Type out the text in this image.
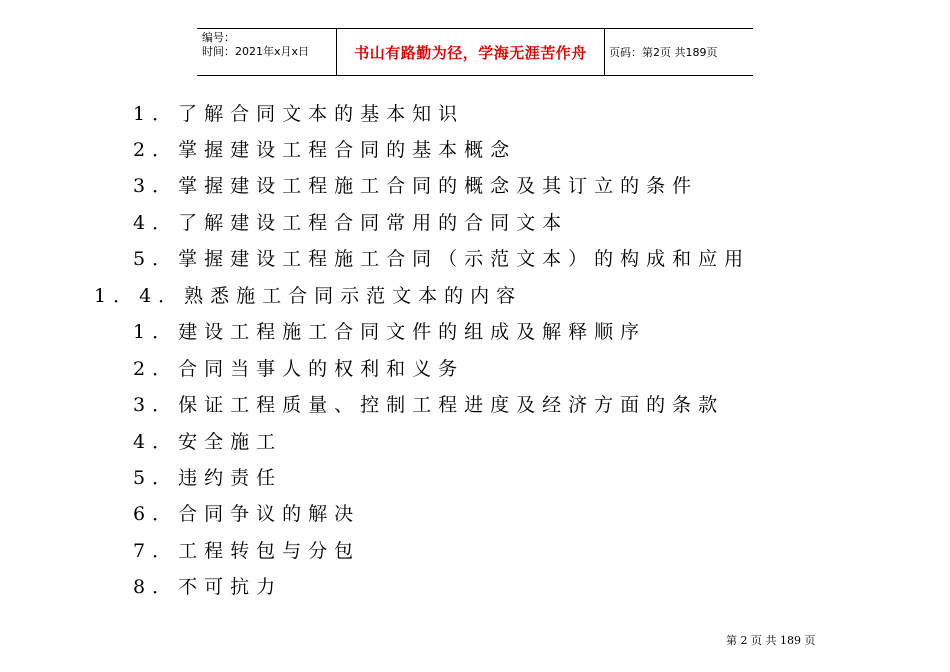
编号：
时间：2021年x月x日	书山有路勤为径，学海无涯苦作舟	页码：第2页 共189页
1．了解合同文本的基本知识
2．掌握建设工程合同的基本概念
3．掌握建设工程施工合同的概念及其订立的条件
4．了解建设工程合同常用的合同文本
5．掌握建设工程施工合同（示范文本）的构成和应用
1．4．熟悉施工合同示范文本的内容
1．建设工程施工合同文件的组成及解释顺序
2．合同当事人的权利和义务
3．保证工程质量、控制工程进度及经济方面的条款
4．安全施工
5．违约责任
6．合同争议的解决
7．工程转包与分包
8．不可抗力
第 2 页 共 189 页
